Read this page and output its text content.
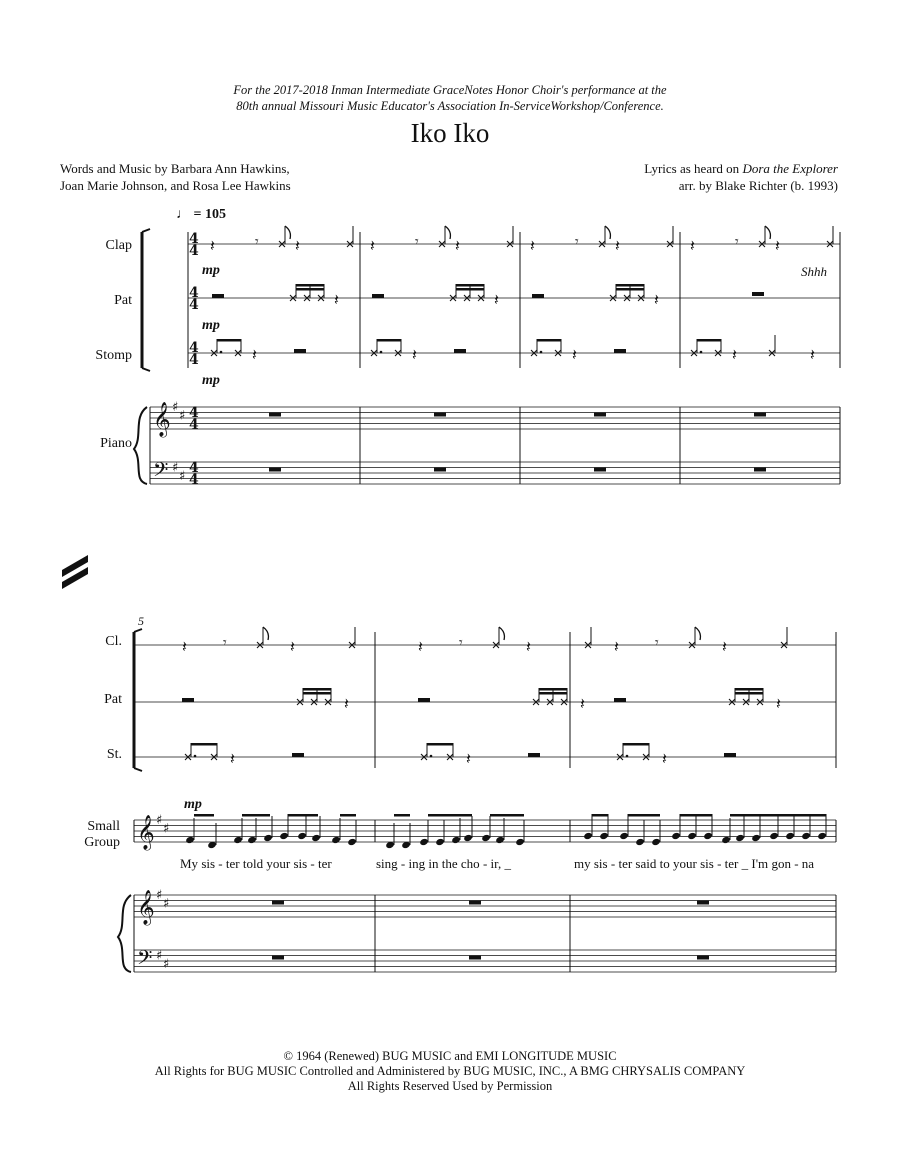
For the 2017-2018 Inman Intermediate GraceNotes Honor Choir's performance at the
80th annual Missouri Music Educator's Association In-ServiceWorkshop/Conference.
Iko Iko
Words and Music by Barbara Ann Hawkins,
Joan Marie Johnson, and Rosa Lee Hawkins
Lyrics as heard on Dora the Explorer
arr. by Blake Richter (b. 1993)
♩ = 105
Clap
Pat
Stomp
Piano
mp
mp
mp
Shhh
5
Cl.
Pat
St.
Small
Group
mp
My sis - ter told your sis - ter	sing - ing in the cho - ir, _	my sis - ter said to your sis - ter _ I'm gon - na
© 1964 (Renewed) BUG MUSIC and EMI LONGITUDE MUSIC
All Rights for BUG MUSIC Controlled and Administered by BUG MUSIC, INC., A BMG CHRYSALIS COMPANY
All Rights Reserved Used by Permission
4
4
4
4
4
4
𝄽	𝄾 𝄽
𝄽
𝄽
𝄽	𝄾 𝄽
𝄽
𝄽
𝄽	𝄾 𝄽
𝄽
𝄽
𝄽	𝄾 𝄽
𝄽	𝄽
𝄞
𝄢
♯
♯
♯
♯
4
4
4
4
𝄽	𝄾	𝄽
𝄽
𝄽
𝄽	𝄾	𝄽
𝄽
𝄽
𝄽	𝄾	𝄽
𝄽
𝄽
𝄞 ♯
♯
𝄞
𝄢
♯
♯
♯
♯
